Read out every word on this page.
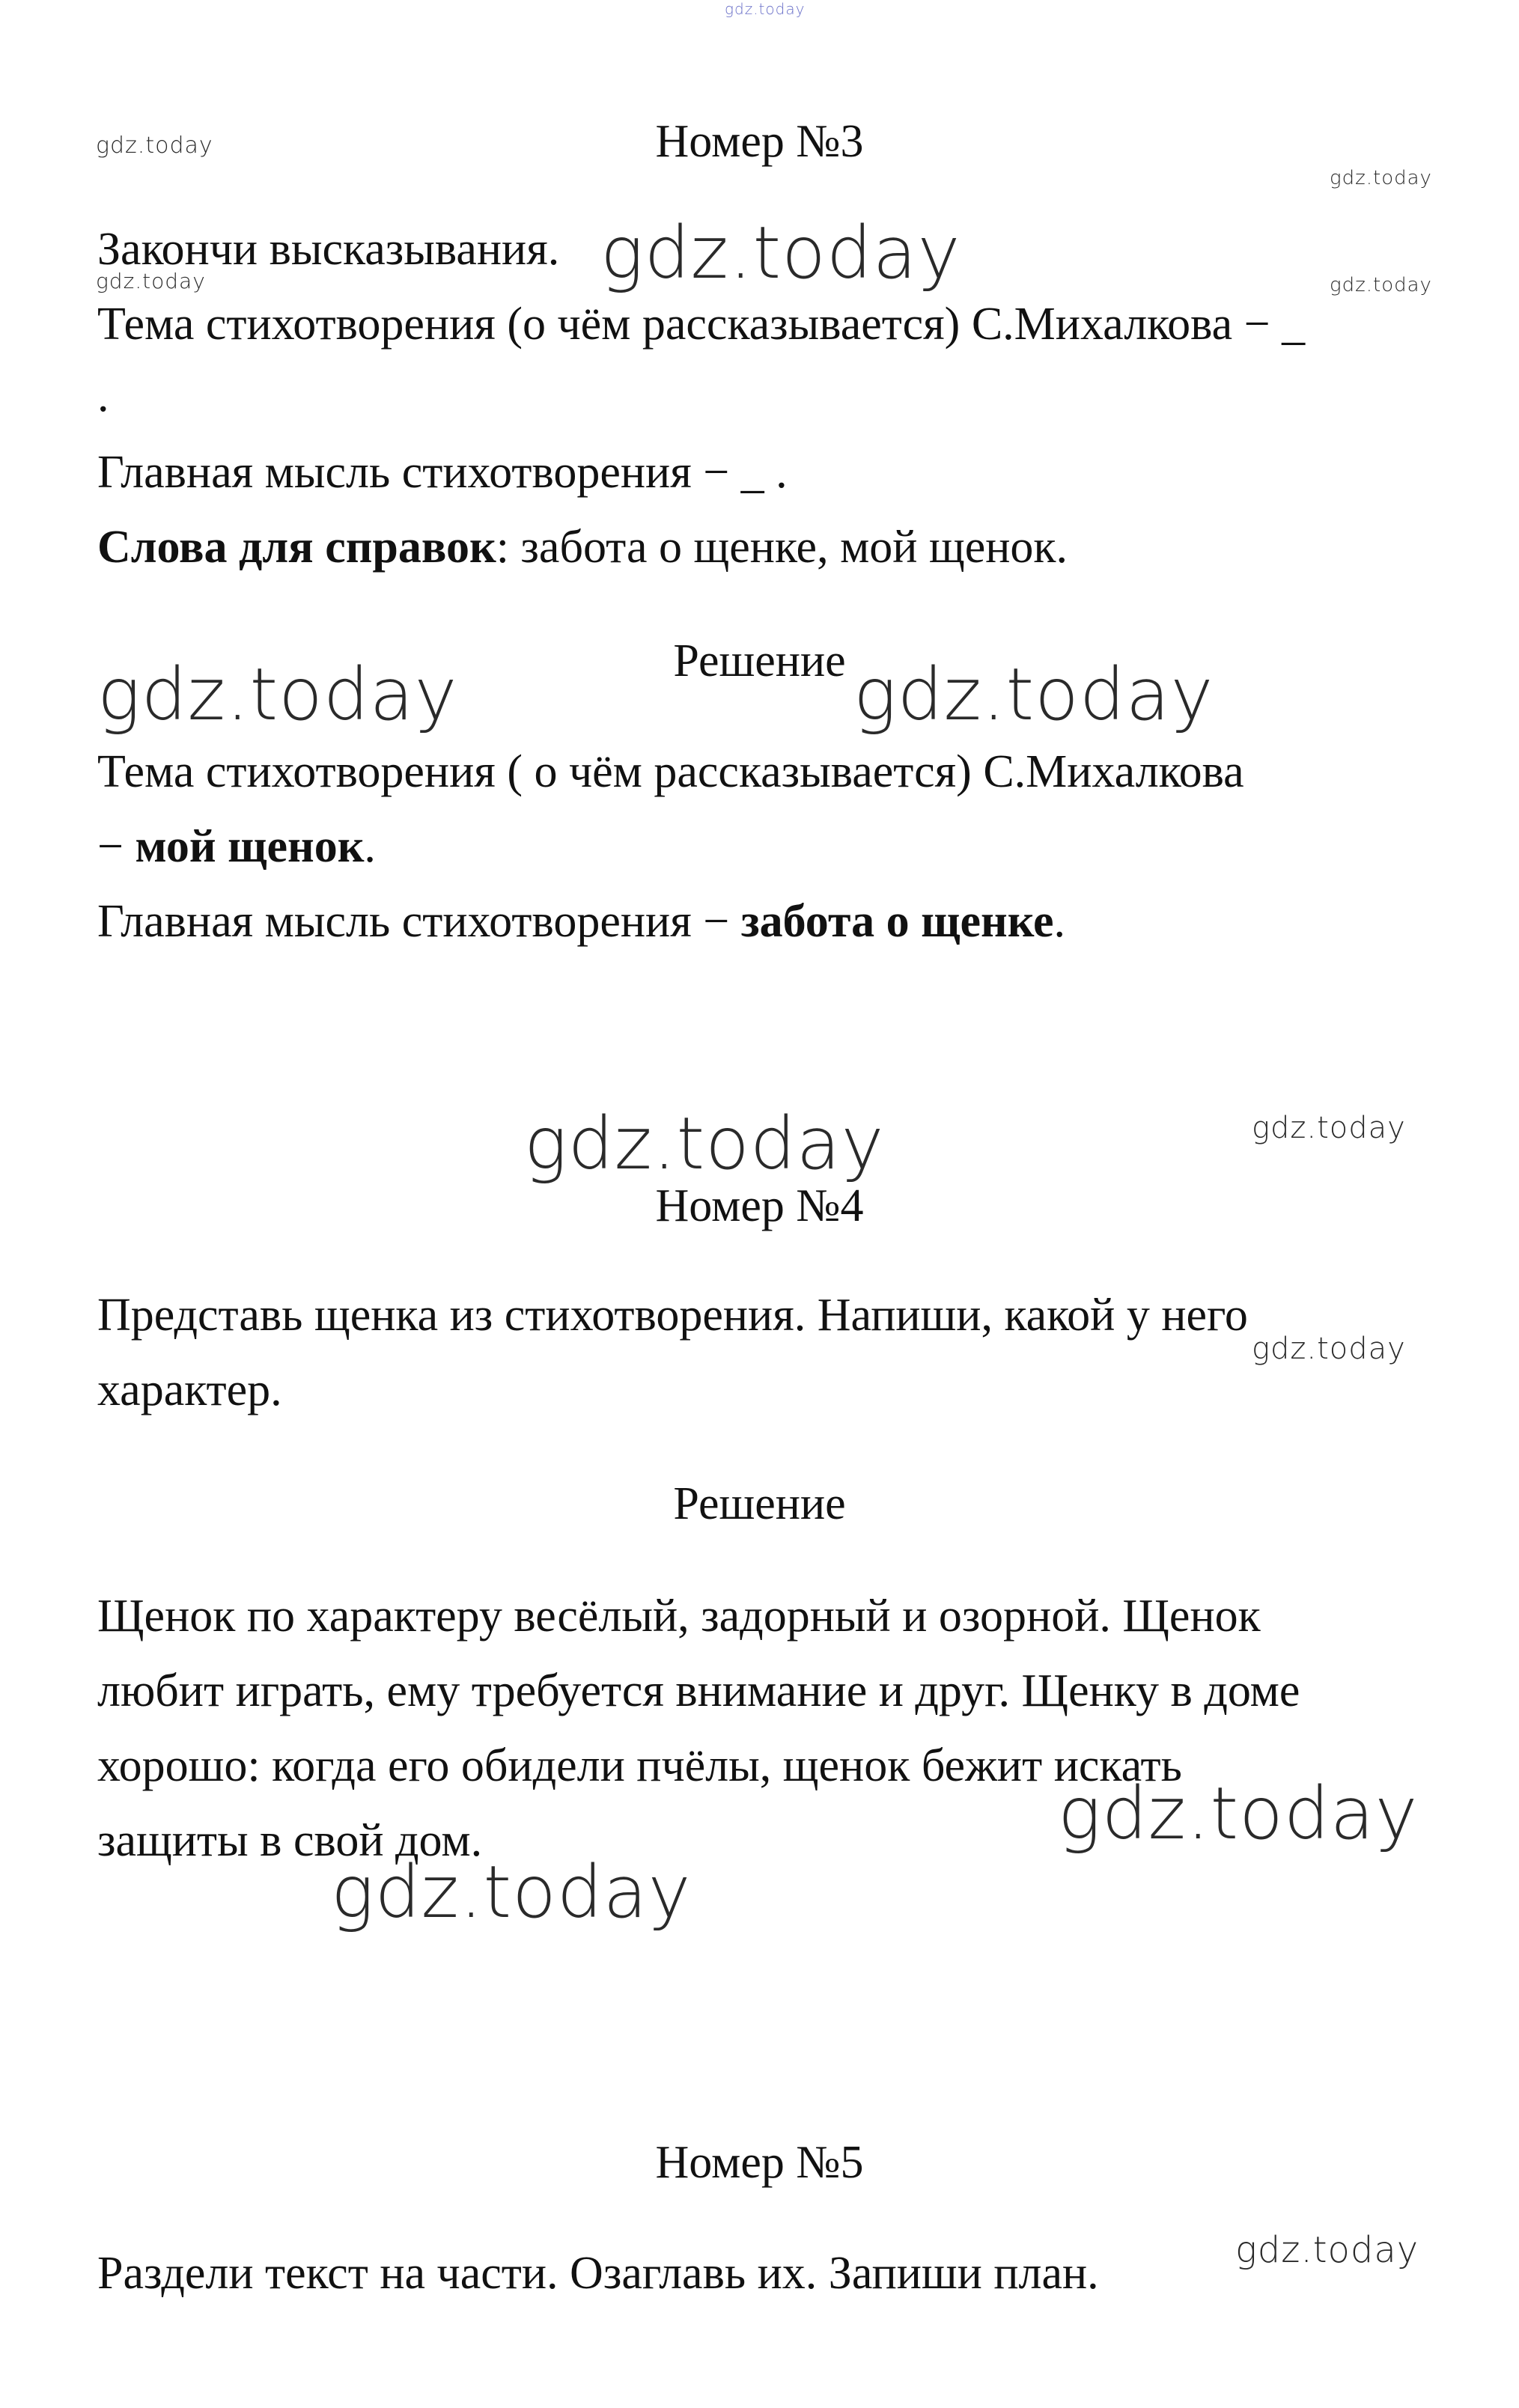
gdz.today
gdz.today
gdz.today
gdz.today
gdz.today	gdz.today
gdz.today	gdz.today
gdz.today	gdz.today
gdz.today
gdz.today
gdz.today
gdz.today
Номер №3
Закончи высказывания.
Тема стихотворения (о чём рассказывается) С.Михалкова − _
.
Главная мысль стихотворения − _ .
Слова для справок: забота о щенке, мой щенок.
Решение
Тема стихотворения ( о чём рассказывается) С.Михалкова
− мой щенок.
Главная мысль стихотворения − забота о щенке.
Номер №4
Представь щенка из стихотворения. Напиши, какой у него
характер.
Решение
Щенок по характеру весёлый, задорный и озорной. Щенок
любит играть, ему требуется внимание и друг. Щенку в доме
хорошо: когда его обидели пчёлы, щенок бежит искать
защиты в свой дом.
Номер №5
Раздели текст на части. Озаглавь их. Запиши план.
